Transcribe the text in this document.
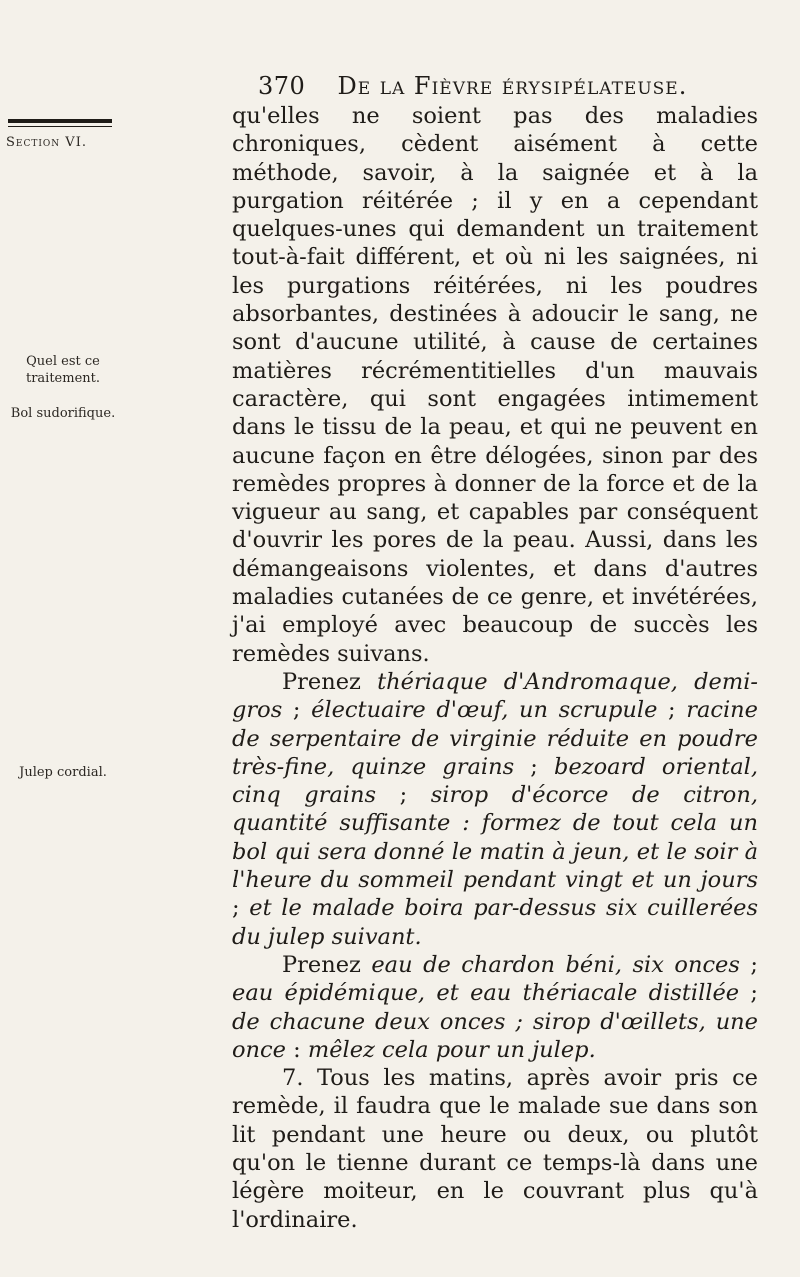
370 De la Fièvre érysipélateuse.
Section VI.
Quel est ce traitement.
Bol sudorifique.
Julep cordial.

qu'elles ne soient pas des maladies chroniques, cèdent aisément à cette méthode, savoir, à la saignée et à la purgation réitérée ; il y en a cependant quelques-unes qui demandent un traitement tout-à-fait différent, et où ni les saignées, ni les purgations réitérées, ni les poudres absorbantes, destinées à adoucir le sang, ne sont d'aucune utilité, à cause de certaines matières récrémentitielles d'un mauvais caractère, qui sont engagées intimement dans le tissu de la peau, et qui ne peuvent en aucune façon en être délogées, sinon par des remèdes propres à donner de la force et de la vigueur au sang, et capables par conséquent d'ouvrir les pores de la peau. Aussi, dans les démangeaisons violentes, et dans d'autres maladies cutanées de ce genre, et invétérées, j'ai employé avec beaucoup de succès les remèdes suivans.

Prenez thériaque d'Andromaque, demi-gros ; électuaire d'œuf, un scrupule ; racine de serpentaire de virginie réduite en poudre très-fine, quinze grains ; bezoard oriental, cinq grains ; sirop d'écorce de citron, quantité suffisante : formez de tout cela un bol qui sera donné le matin à jeun, et le soir à l'heure du sommeil pendant vingt et un jours ; et le malade boira par-dessus six cuillerées du julep suivant.

Prenez eau de chardon béni, six onces ; eau épidémique, et eau thériacale distillée ; de chacune deux onces ; sirop d'œillets, une once : mêlez cela pour un julep.

7. Tous les matins, après avoir pris ce remède, il faudra que le malade sue dans son lit pendant une heure ou deux, ou plutôt qu'on le tienne durant ce temps-là dans une légère moiteur, en le couvrant plus qu'à l'ordinaire.
